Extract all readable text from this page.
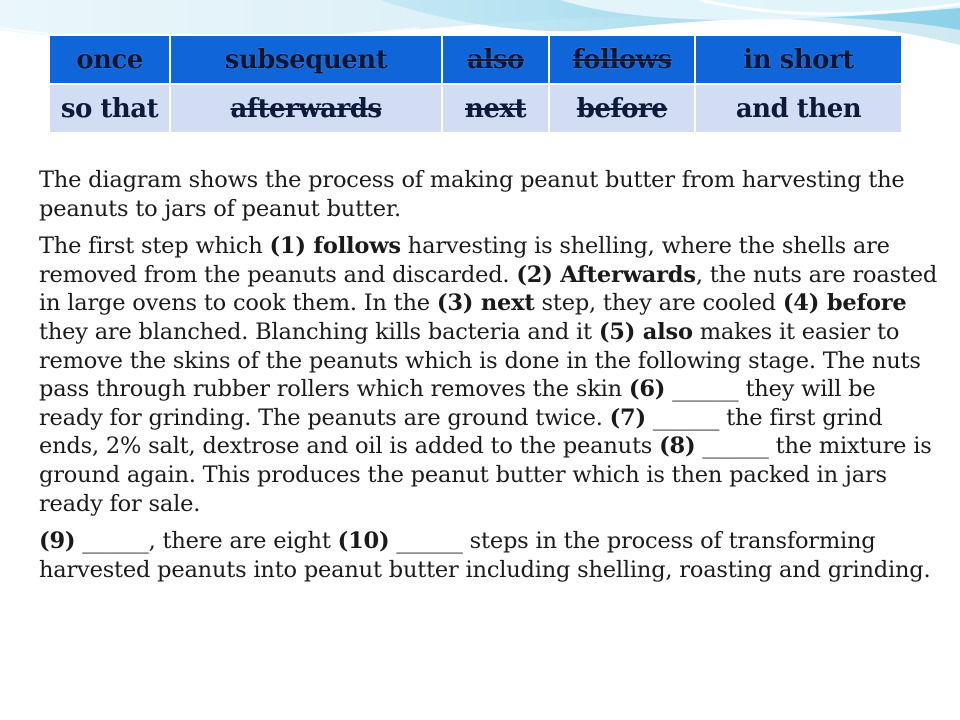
once	subsequent	also	follows	in short
so that	afterwards	next	before	and then

The diagram shows the process of making peanut butter from harvesting the peanuts to jars of peanut butter.

The first step which (1) follows harvesting is shelling, where the shells are removed from the peanuts and discarded. (2) Afterwards, the nuts are roasted in large ovens to cook them. In the (3) next step, they are cooled (4) before they are blanched. Blanching kills bacteria and it (5) also makes it easier to remove the skins of the peanuts which is done in the following stage. The nuts pass through rubber rollers which removes the skin (6) ______ they will be ready for grinding. The peanuts are ground twice. (7) ______ the first grind ends, 2% salt, dextrose and oil is added to the peanuts (8) ______ the mixture is ground again. This produces the peanut butter which is then packed in jars ready for sale.

(9) ______, there are eight (10) ______ steps in the process of transforming harvested peanuts into peanut butter including shelling, roasting and grinding.
